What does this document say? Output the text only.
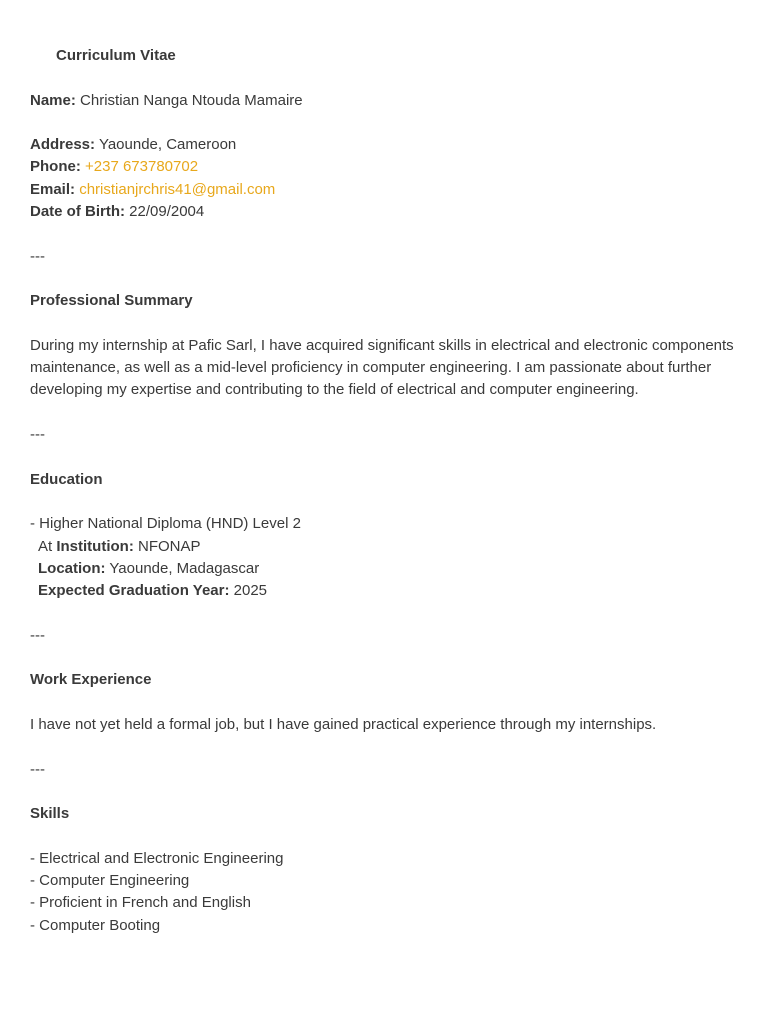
Curriculum Vitae
Name: Christian Nanga Ntouda Mamaire
Address: Yaounde, Cameroon
Phone: +237 673780702
Email: christianjrchris41@gmail.com
Date of Birth: 22/09/2004
---
Professional Summary
During my internship at Pafic Sarl, I have acquired significant skills in electrical and electronic components maintenance, as well as a mid-level proficiency in computer engineering. I am passionate about further developing my expertise and contributing to the field of electrical and computer engineering.
---
Education
- Higher National Diploma (HND) Level 2
At Institution: NFONAP
Location: Yaounde, Madagascar
Expected Graduation Year: 2025
---
Work Experience
I have not yet held a formal job, but I have gained practical experience through my internships.
---
Skills
- Electrical and Electronic Engineering
- Computer Engineering
- Proficient in French and English
- Computer Booting
